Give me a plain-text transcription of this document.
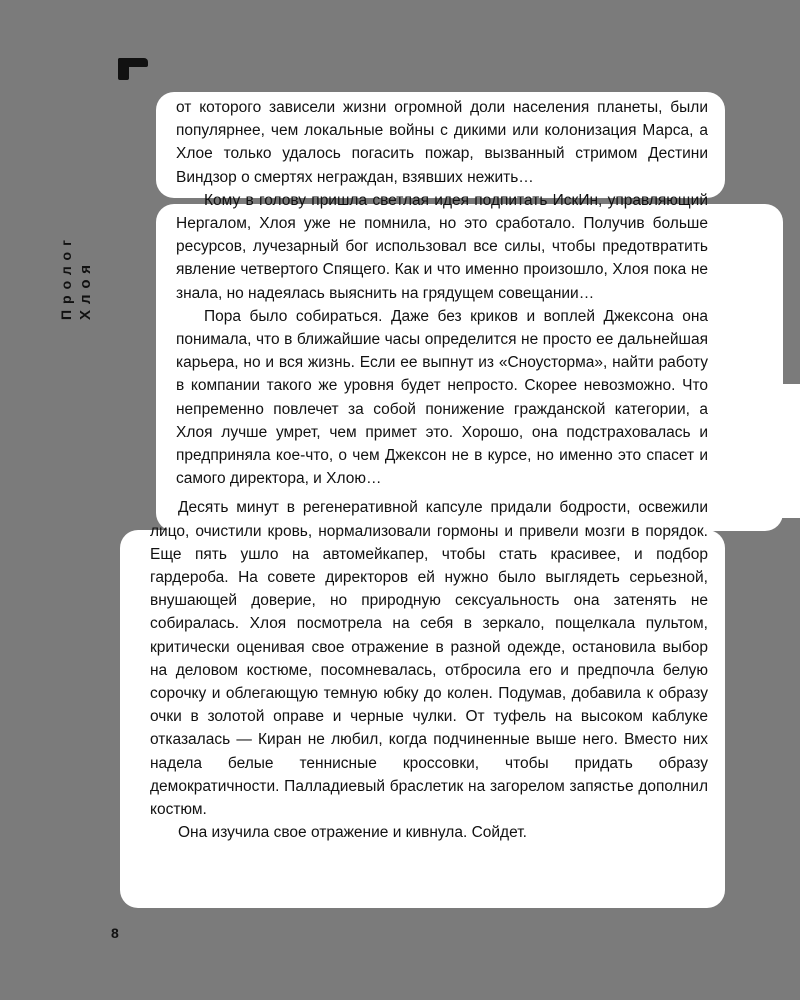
Пролог Хлоя

от которого зависели жизни огромной доли населения планеты, были популярнее, чем локальные войны с дикими или колонизация Марса, а Хлое только удалось погасить пожар, вызванный стримом Дестини Виндзор о смертях неграждан, взявших нежить…

Кому в голову пришла светлая идея подпитать ИскИн, управляющий Нергалом, Хлоя уже не помнила, но это сработало. Получив больше ресурсов, лучезарный бог использовал все силы, чтобы предотвратить явление четвертого Спящего. Как и что именно произошло, Хлоя пока не знала, но надеялась выяснить на грядущем совещании…

Пора было собираться. Даже без криков и воплей Джексона она понимала, что в ближайшие часы определится не просто ее дальнейшая карьера, но и вся жизнь. Если ее выпнут из «Сноусторма», найти работу в компании такого же уровня будет непросто. Скорее невозможно. Что непременно повлечет за собой понижение гражданской категории, а Хлоя лучше умрет, чем примет это. Хорошо, она подстраховалась и предприняла кое-что, о чем Джексон не в курсе, но именно это спасет и самого директора, и Хлою…

Десять минут в регенеративной капсуле придали бодрости, освежили лицо, очистили кровь, нормализовали гормоны и привели мозги в порядок. Еще пять ушло на автомейкапер, чтобы стать красивее, и подбор гардероба. На совете директоров ей нужно было выглядеть серьезной, внушающей доверие, но природную сексуальность она затенять не собиралась. Хлоя посмотрела на себя в зеркало, пощелкала пультом, критически оценивая свое отражение в разной одежде, остановила выбор на деловом костюме, посомневалась, отбросила его и предпочла белую сорочку и облегающую темную юбку до колен. Подумав, добавила к образу очки в золотой оправе и черные чулки. От туфель на высоком каблуке отказалась — Киран не любил, когда подчиненные выше него. Вместо них надела белые теннисные кроссовки, чтобы придать образу демократичности. Палладиевый браслетик на загорелом запястье дополнил костюм.

Она изучила свое отражение и кивнула. Сойдет.

8
